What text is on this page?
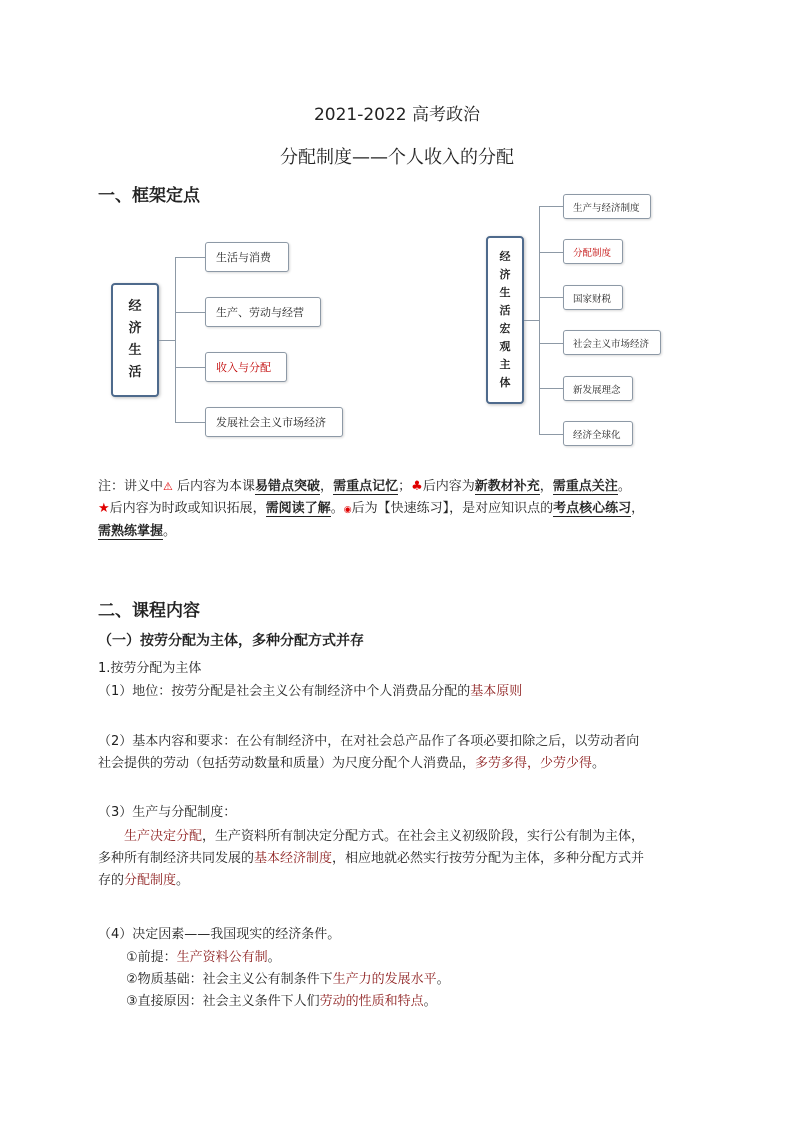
2021-2022 高考政治
分配制度——个人收入的分配
一、框架定点
经
济
生
活
生活与消费
生产、劳动与经营
收入与分配
发展社会主义市场经济
经
济
生
活
宏
观
主
体
生产与经济制度
分配制度
国家财税
社会主义市场经济
新发展理念
经济全球化
注：讲义中⚠ 后内容为本课易错点突破，需重点记忆；♣后内容为新教材补充，需重点关注。
★后内容为时政或知识拓展，需阅读了解。◉后为【快速练习】，是对应知识点的考点核心练习，
需熟练掌握。
二、课程内容
（一）按劳分配为主体，多种分配方式并存
1.按劳分配为主体
（1）地位：按劳分配是社会主义公有制经济中个人消费品分配的基本原则
（2）基本内容和要求：在公有制经济中，在对社会总产品作了各项必要扣除之后，以劳动者向
社会提供的劳动（包括劳动数量和质量）为尺度分配个人消费品，多劳多得，少劳少得。
（3）生产与分配制度：
生产决定分配，生产资料所有制决定分配方式。在社会主义初级阶段，实行公有制为主体，
多种所有制经济共同发展的基本经济制度，相应地就必然实行按劳分配为主体，多种分配方式并
存的分配制度。
（4）决定因素——我国现实的经济条件。
①前提：生产资料公有制。
②物质基础：社会主义公有制条件下生产力的发展水平。
③直接原因：社会主义条件下人们劳动的性质和特点。
